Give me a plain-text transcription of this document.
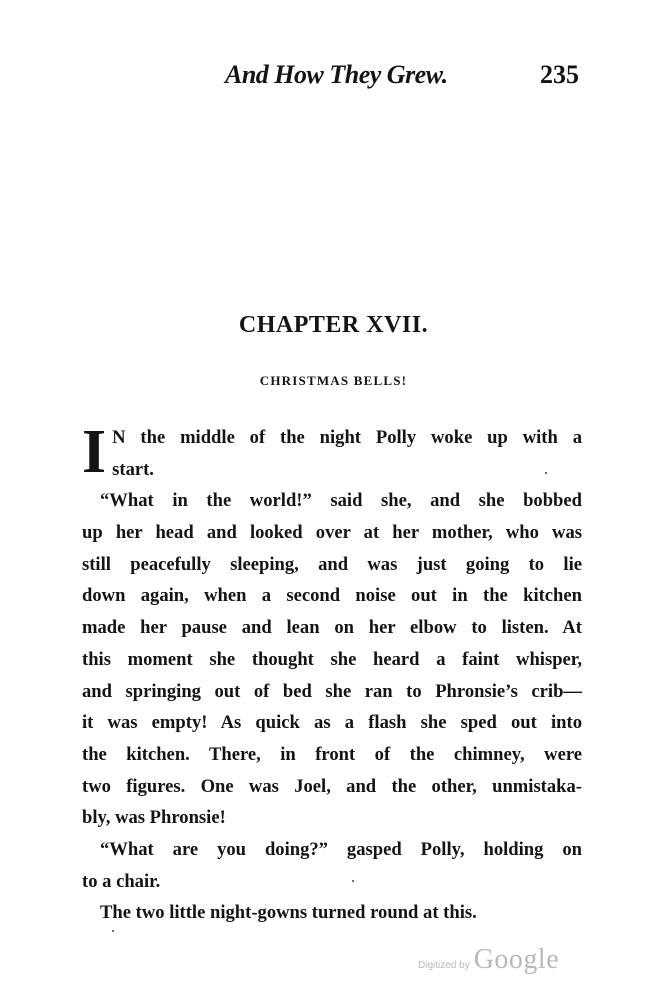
And How They Grew.	235
CHAPTER XVII.
CHRISTMAS BELLS!
I N the middle of the night Polly woke up with a
start.
“What in the world!” said she, and she bobbed
up her head and looked over at her mother, who was
still peacefully sleeping, and was just going to lie
down again, when a second noise out in the kitchen
made her pause and lean on her elbow to listen. At
this moment she thought she heard a faint whisper,
and springing out of bed she ran to Phronsie’s crib—
it was empty! As quick as a flash she sped out into
the kitchen. There, in front of the chimney, were
two figures. One was Joel, and the other, unmistaka-
bly, was Phronsie!
“What are you doing?” gasped Polly, holding on
to a chair.
The two little night-gowns turned round at this.
Digitized by Google
